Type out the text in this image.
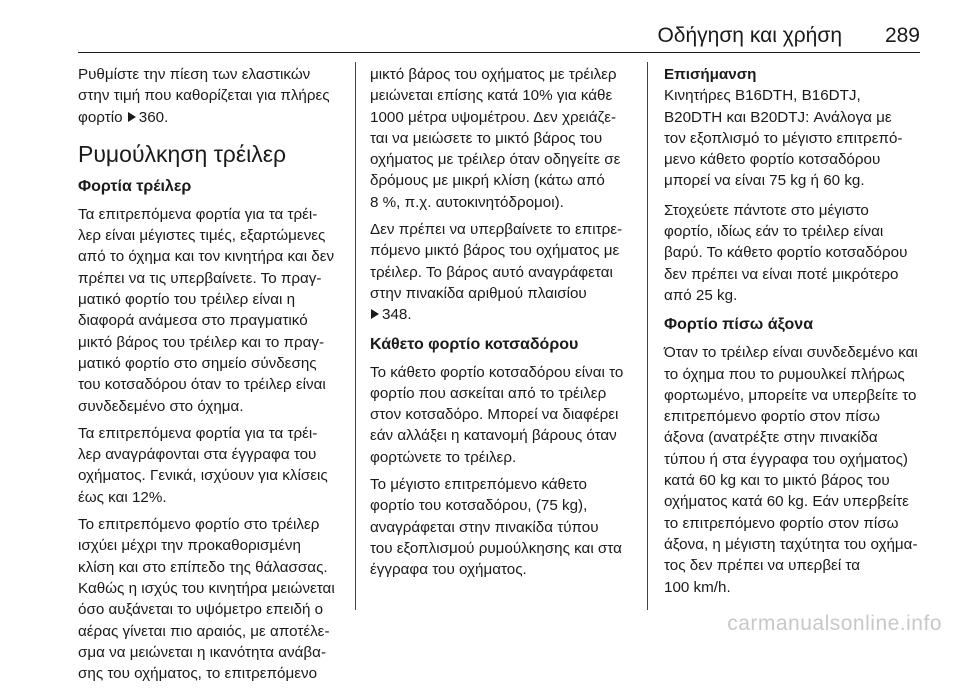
Οδήγηση και χρήση 289

Ρυθμίστε την πίεση των ελαστικών
στην τιμή που καθορίζεται για πλήρες
φορτίο 360.

Ρυμούλκηση τρέιλερ
Φορτία τρέιλερ

Τα επιτρεπόμενα φορτία για τα τρέι-
λερ είναι μέγιστες τιμές, εξαρτώμενες
από το όχημα και τον κινητήρα και δεν
πρέπει να τις υπερβαίνετε. Το πραγ-
ματικό φορτίο του τρέιλερ είναι η
διαφορά ανάμεσα στο πραγματικό
μικτό βάρος του τρέιλερ και το πραγ-
ματικό φορτίο στο σημείο σύνδεσης
του κοτσαδόρου όταν το τρέιλερ είναι
συνδεδεμένο στο όχημα.

Τα επιτρεπόμενα φορτία για τα τρέι-
λερ αναγράφονται στα έγγραφα του
οχήματος. Γενικά, ισχύουν για κλίσεις
έως και 12%.

Το επιτρεπόμενο φορτίο στο τρέιλερ
ισχύει μέχρι την προκαθορισμένη
κλίση και στο επίπεδο της θάλασσας.
Καθώς η ισχύς του κινητήρα μειώνεται
όσο αυξάνεται το υψόμετρο επειδή ο
αέρας γίνεται πιο αραιός, με αποτέλε-
σμα να μειώνεται η ικανότητα ανάβα-
σης του οχήματος, το επιτρεπόμενο

μικτό βάρος του οχήματος με τρέιλερ
μειώνεται επίσης κατά 10% για κάθε
1000 μέτρα υψομέτρου. Δεν χρειάζε-
ται να μειώσετε το μικτό βάρος του
οχήματος με τρέιλερ όταν οδηγείτε σε
δρόμους με μικρή κλίση (κάτω από
8 %, π.χ. αυτοκινητόδρομοι).

Δεν πρέπει να υπερβαίνετε το επιτρε-
πόμενο μικτό βάρος του οχήματος με
τρέιλερ. Το βάρος αυτό αναγράφεται
στην πινακίδα αριθμού πλαισίου
348.

Κάθετο φορτίο κοτσαδόρου

Το κάθετο φορτίο κοτσαδόρου είναι το
φορτίο που ασκείται από το τρέιλερ
στον κοτσαδόρο. Μπορεί να διαφέρει
εάν αλλάξει η κατανομή βάρους όταν
φορτώνετε το τρέιλερ.

Το μέγιστο επιτρεπόμενο κάθετο
φορτίο του κοτσαδόρου, (75 kg),
αναγράφεται στην πινακίδα τύπου
του εξοπλισμού ρυμούλκησης και στα
έγγραφα του οχήματος.

Επισήμανση
Κινητήρες B16DTH, B16DTJ,
B20DTH και B20DTJ: Ανάλογα με
τον εξοπλισμό το μέγιστο επιτρεπό-
μενο κάθετο φορτίο κοτσαδόρου
μπορεί να είναι 75 kg ή 60 kg.

Στοχεύετε πάντοτε στο μέγιστο
φορτίο, ιδίως εάν το τρέιλερ είναι
βαρύ. Το κάθετο φορτίο κοτσαδόρου
δεν πρέπει να είναι ποτέ μικρότερο
από 25 kg.

Φορτίο πίσω άξονα

Όταν το τρέιλερ είναι συνδεδεμένο και
το όχημα που το ρυμουλκεί πλήρως
φορτωμένο, μπορείτε να υπερβείτε το
επιτρεπόμενο φορτίο στον πίσω
άξονα (ανατρέξτε στην πινακίδα
τύπου ή στα έγγραφα του οχήματος)
κατά 60 kg και το μικτό βάρος του
οχήματος κατά 60 kg. Εάν υπερβείτε
το επιτρεπόμενο φορτίο στον πίσω
άξονα, η μέγιστη ταχύτητα του οχήμα-
τος δεν πρέπει να υπερβεί τα
100 km/h.

carmanualsonline.info
